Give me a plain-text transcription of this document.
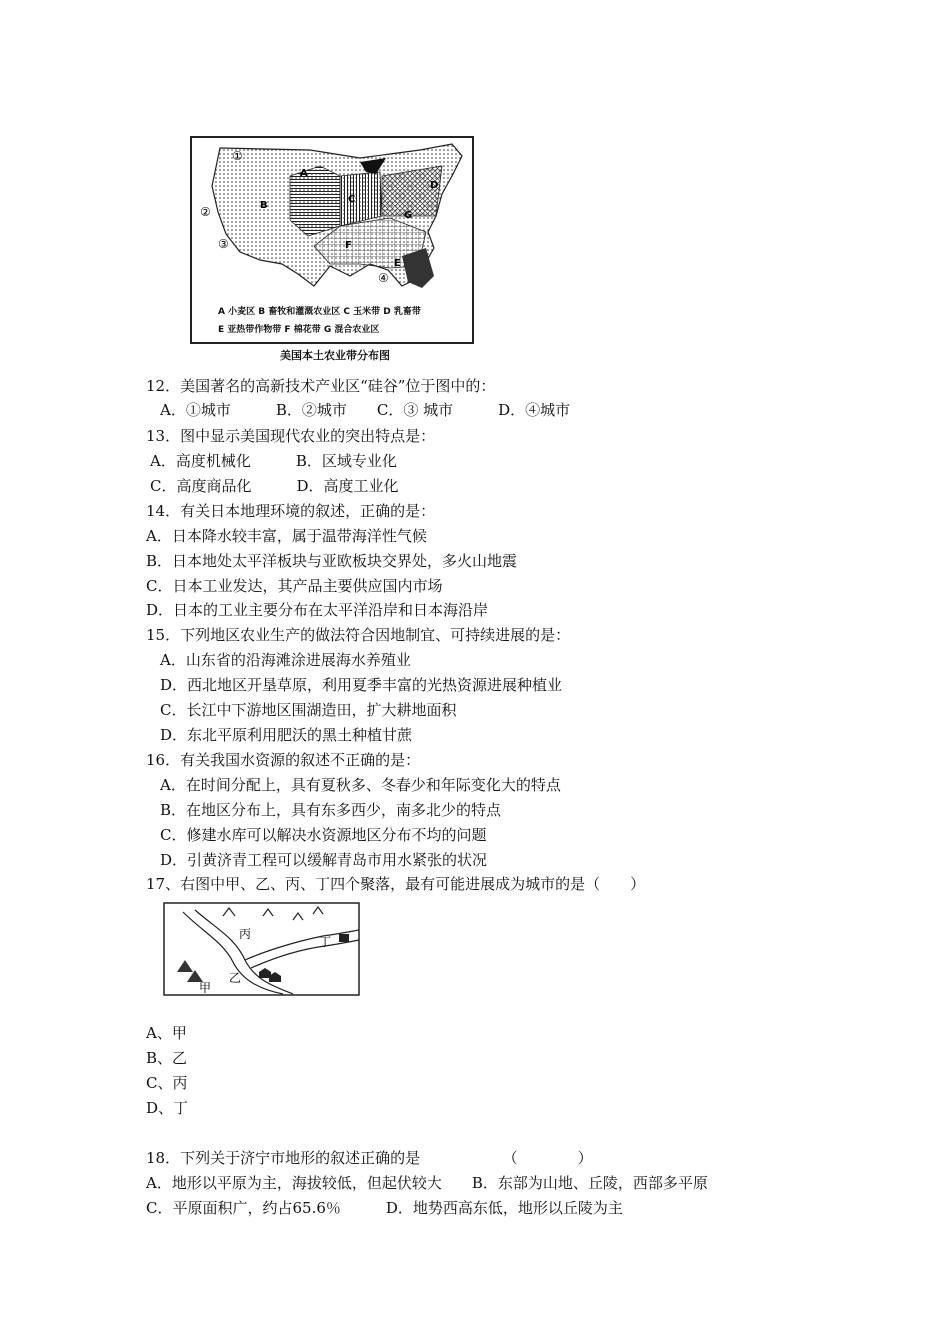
B
A
C
D
G
F
E
①
②
③
④
A 小麦区 B 畜牧和灌溉农业区 C 玉米带 D 乳畜带
E 亚热带作物带 F 棉花带 G 混合农业区
美国本土农业带分布图
12．美国著名的高新技术产业区“硅谷”位于图中的：
A．①城市　　　B．②城市　　C．③ 城市　　　D．④城市
13．图中显示美国现代农业的突出特点是：
A．高度机械化　　　B．区域专业化
C．高度商品化　　　D．高度工业化
14．有关日本地理环境的叙述，正确的是：
A．日本降水较丰富，属于温带海洋性气候
B．日本地处太平洋板块与亚欧板块交界处，多火山地震
C．日本工业发达，其产品主要供应国内市场
D．日本的工业主要分布在太平洋沿岸和日本海沿岸
15．下列地区农业生产的做法符合因地制宜、可持续进展的是：
A．山东省的沿海滩涂进展海水养殖业
D．西北地区开垦草原，利用夏季丰富的光热资源进展种植业
C．长江中下游地区围湖造田，扩大耕地面积
D．东北平原利用肥沃的黑土种植甘蔗
16．有关我国水资源的叙述不正确的是：
A．在时间分配上，具有夏秋多、冬春少和年际变化大的特点
B．在地区分布上，具有东多西少，南多北少的特点
C．修建水库可以解决水资源地区分布不均的问题
D．引黄济青工程可以缓解青岛市用水紧张的状况
17、右图中甲、乙、丙、丁四个聚落，最有可能进展成为城市的是（　　）
丙
丁
乙
甲
A、甲
B、乙
C、丙
D、丁
18．下列关于济宁市地形的叙述正确的是　　　　　　（　　　　）
A．地形以平原为主，海拔较低，但起伏较大　　B．东部为山地、丘陵，西部多平原
C．平原面积广，约占65.6％　　　D．地势西高东低，地形以丘陵为主
